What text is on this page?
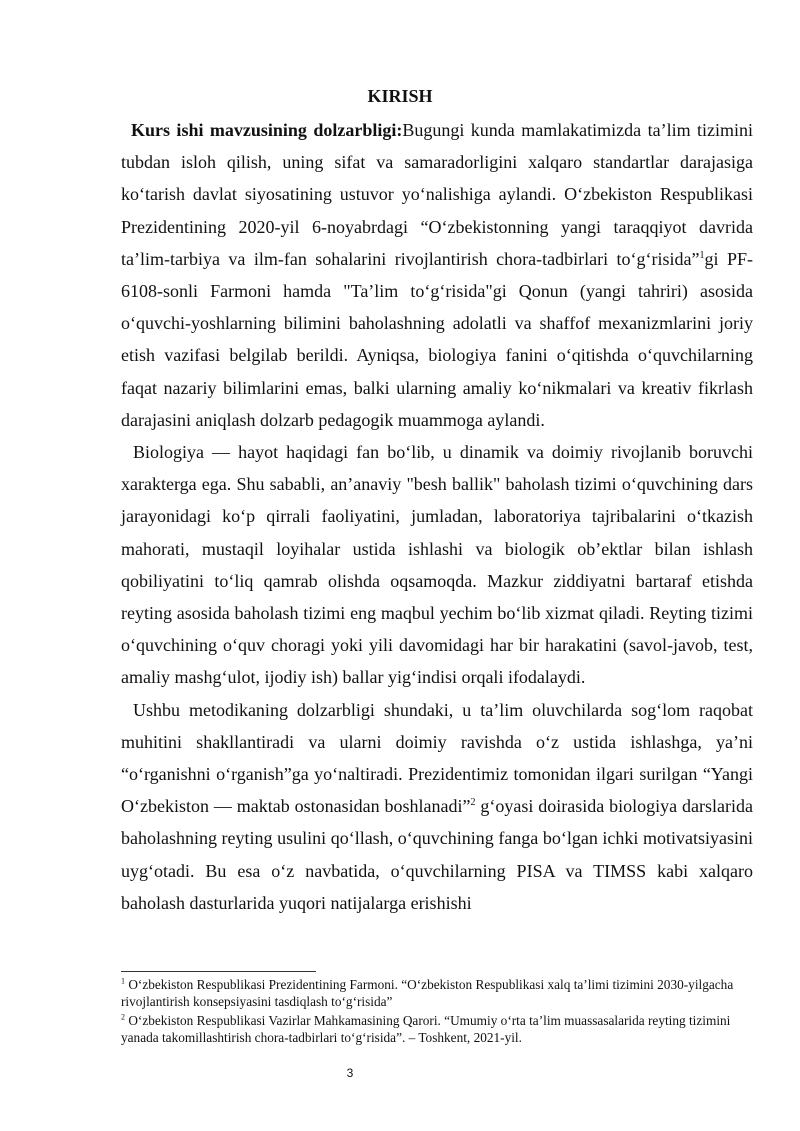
KIRISH

Kurs ishi mavzusining dolzarbligi:Bugungi kunda mamlakatimizda ta’lim tizimini tubdan isloh qilish, uning sifat va samaradorligini xalqaro standartlar darajasiga ko‘tarish davlat siyosatining ustuvor yo‘nalishiga aylandi. O‘zbekiston Respublikasi Prezidentining 2020-yil 6-noyabrdagi “O‘zbekistonning yangi taraqqiyot davrida ta’lim-tarbiya va ilm-fan sohalarini rivojlantirish chora-tadbirlari to‘g‘risida”$^1$gi PF-6108-sonli Farmoni hamda "Ta’lim to‘g‘risida"gi Qonun (yangi tahriri) asosida o‘quvchi-yoshlarning bilimini baholashning adolatli va shaffof mexanizmlarini joriy etish vazifasi belgilab berildi. Ayniqsa, biologiya fanini o‘qitishda o‘quvchilarning faqat nazariy bilimlarini emas, balki ularning amaliy ko‘nikmalari va kreativ fikrlash darajasini aniqlash dolzarb pedagogik muammoga aylandi.

Biologiya — hayot haqidagi fan bo‘lib, u dinamik va doimiy rivojlanib boruvchi xarakterga ega. Shu sababli, an’anaviy "besh ballik" baholash tizimi o‘quvchining dars jarayonidagi ko‘p qirrali faoliyatini, jumladan, laboratoriya tajribalarini o‘tkazish mahorati, mustaqil loyihalar ustida ishlashi va biologik ob’ektlar bilan ishlash qobiliyatini to‘liq qamrab olishda oqsamoqda. Mazkur ziddiyatni bartaraf etishda reyting asosida baholash tizimi eng maqbul yechim bo‘lib xizmat qiladi. Reyting tizimi o‘quvchining o‘quv choragi yoki yili davomidagi har bir harakatini (savol-javob, test, amaliy mashg‘ulot, ijodiy ish) ballar yig‘indisi orqali ifodalaydi.

Ushbu metodikaning dolzarbligi shundaki, u ta’lim oluvchilarda sog‘lom raqobat muhitini shakllantiradi va ularni doimiy ravishda o‘z ustida ishlashga, ya’ni “o‘rganishni o‘rganish”ga yo‘naltiradi. Prezidentimiz tomonidan ilgari surilgan “Yangi O‘zbekiston — maktab ostonasidan boshlanadi”$^2$ g‘oyasi doirasida biologiya darslarida baholashning reyting usulini qo‘llash, o‘quvchining fanga bo‘lgan ichki motivatsiyasini uyg‘otadi. Bu esa o‘z navbatida, o‘quvchilarning PISA va TIMSS kabi xalqaro baholash dasturlarida yuqori natijalarga erishishi

$^1$ O‘zbekiston Respublikasi Prezidentining Farmoni. “O‘zbekiston Respublikasi xalq ta’limi tizimini 2030-yilgacha rivojlantirish konsepsiyasini tasdiqlash to‘g‘risida”

$^2$ O‘zbekiston Respublikasi Vazirlar Mahkamasining Qarori. “Umumiy o‘rta ta’lim muassasalarida reyting tizimini yanada takomillashtirish chora-tadbirlari to‘g‘risida”. – Toshkent, 2021-yil.

3
